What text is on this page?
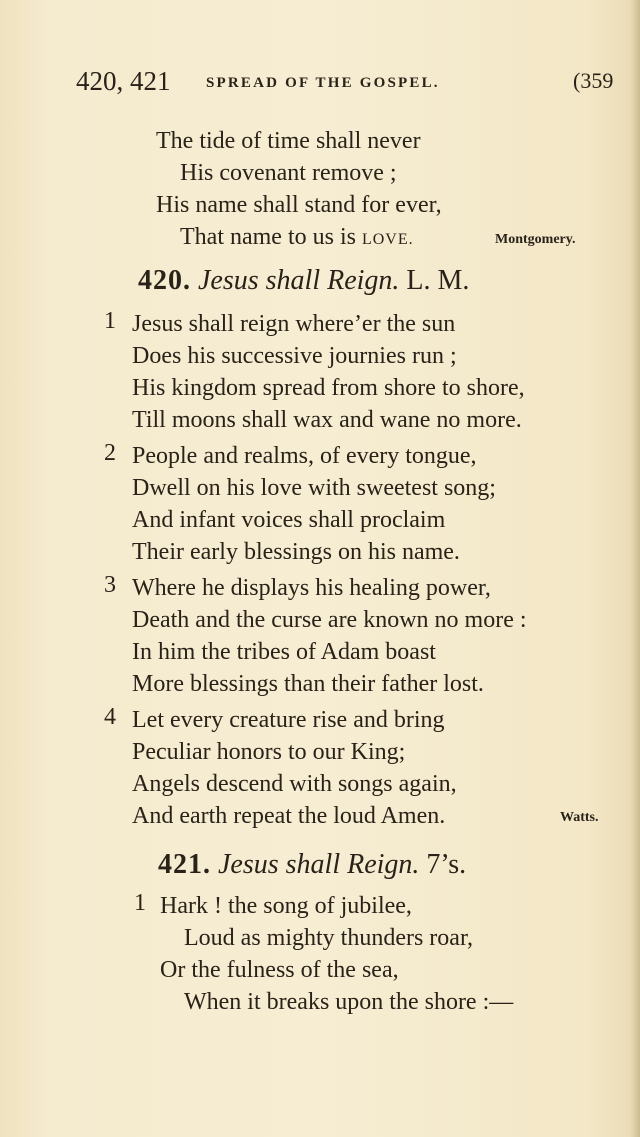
420, 421 SPREAD OF THE GOSPEL.	(359
The tide of time shall never
His covenant remove ;
His name shall stand for ever,
That name to us is LOVE.	Montgomery.
420. Jesus shall Reign. L. M.
1 Jesus shall reign where’er the sun
Does his successive journies run ;
His kingdom spread from shore to shore,
Till moons shall wax and wane no more.
2 People and realms, of every tongue,
Dwell on his love with sweetest song;
And infant voices shall proclaim
Their early blessings on his name.
3 Where he displays his healing power,
Death and the curse are known no more :
In him the tribes of Adam boast
More blessings than their father lost.
4 Let every creature rise and bring
Peculiar honors to our King;
Angels descend with songs again,
And earth repeat the loud Amen.	Watts.
421. Jesus shall Reign. 7’s.
1 Hark ! the song of jubilee,
Loud as mighty thunders roar,
Or the fulness of the sea,
When it breaks upon the shore :—
